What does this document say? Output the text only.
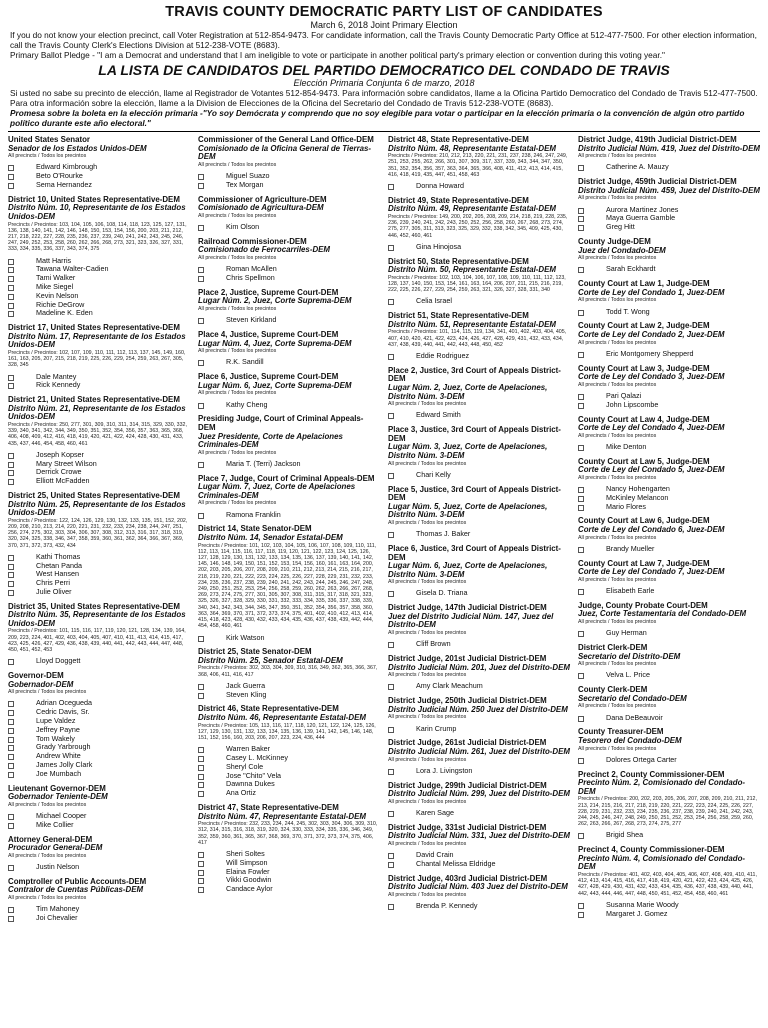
TRAVIS COUNTY DEMOCRATIC PARTY LIST OF CANDIDATES
March 6, 2018 Joint Primary Election
If you do not know your election precinct, call Voter Registration at 512-854-9473. For candidate information, call the Travis County Democratic Party Office at 512-477-7500. For other election information, call the Travis County Clerk's Elections Division at 512-238-VOTE (8683).
Primary Ballot Pledge - "I am a Democrat and understand that I am ineligible to vote or participate in another political party's primary election or convention during this voting year."
LA LISTA DE CANDIDATOS DEL PARTIDO DEMOCRATICO DEL CONDADO DE TRAVIS
Elección Primaria Conjunta 6 de marzo, 2018
Si usted no sabe su precinto de elección, llame al Registrador de Votantes 512-854-9473. Para información sobre candidatos, llame a la Oficina Partido Democratico del Condado de Travis 512-477-7500. Para otra información sobre la elección, llame a la Division de Elecciones de la Oficina del Secretario del Condado de Travis 512-238-VOTE (8683).
Promesa sobre la boleta en la elección primaria -"Yo soy Demócrata y comprendo que no soy elegible para votar o participar en la elección primaria o la convención de algún otro partido político durante este año electoral."
United States Senator
Senador de los Estados Unidos-DEM
All precincts / Todos los precintos
Edward Kimbrough
Beto O'Rourke
Sema Hernandez
District 10, United States Representative-DEM
Distrito Núm. 10, Representante de los Estados Unidos-DEM
Precincts / Precintos: 103, 104, 105, 106, 108, 114, 118, 123, 125, 127, 131, 136, 138, 140, 141, 142, 146, 148, 150, 153, 154, 156, 200, 203, 211, 212, 217, 218, 222, 227, 228, 235, 236, 237, 239, 240, 241, 242, 243, 245, 246, 247, 249, 252, 253, 258, 260, 262, 266, 268, 273, 321, 323, 326, 327, 331, 333, 334, 335, 336, 337, 343, 374, 375
Matt Harris
Tawana Walter-Cadien
Tami Walker
Mike Siegel
Kevin Nelson
Richie DeGrow
Madeline K. Eden
District 17, United States Representative-DEM
Distrito Núm. 17, Representante de los Estados Unidos-DEM
Precincts / Precintos: 102, 107, 109, 110, 111, 112, 113, 137, 145, 149, 160, 161, 163, 205, 207, 215, 218, 219, 225, 226, 229, 254, 259, 263, 267, 305, 328, 345
Dale Mantey
Rick Kennedy
District 21, United States Representative-DEM
Distrito Núm. 21, Representante de los Estados Unidos-DEM
Precincts / Precintos: 250, 277, 301, 309, 310, 311, 314, 315, 329, 330, 332, 339, 340, 341, 342, 344, 349, 350, 351, 352, 354, 356, 357, 363, 365, 368, 406, 408, 409, 412, 416, 418, 419, 420, 421, 422, 424, 428, 430, 431, 433, 435, 437, 446, 454, 458, 460, 461
Joseph Kopser
Mary Street Wilson
Derrick Crowe
Elliott McFadden
District 25, United States Representative-DEM
Distrito Núm. 25, Representante de los Estados Unidos-DEM
Precincts / Precintos: 122, 124, 126, 129, 130, 132, 133, 135, 151, 152, 202, 209, 208, 210, 213, 214, 220, 221, 231, 232, 233, 234, 238, 244, 247, 251, 256, 274, 275, 302, 303, 304, 306, 307, 308, 312, 313, 316, 317, 318, 319, 320, 324, 325, 338, 346, 347, 358, 359, 360, 361, 362, 364, 366, 367, 369, 370, 371, 372, 373, 432, 434
Kathi Thomas
Chetan Panda
West Hansen
Chris Perri
Julie Oliver
District 35, United States Representative-DEM
Distrito Núm. 35, Representante de los Estados Unidos-DEM
Precincts / Precintos: 101, 115, 116, 117, 119, 120, 121, 128, 134, 139, 164, 209, 223, 224, 401, 402, 403, 404, 405, 407, 410, 411, 413, 414, 415, 417, 423, 425, 426, 427, 429, 436, 438, 439, 440, 441, 442, 443, 444, 447, 448, 450, 451, 452, 453
Lloyd Doggett
Governor-DEM
Gobernador-DEM
All precincts / Todos los precintos
Adrian Ocegueda
Cedric Davis, Sr.
Lupe Valdez
Jeffrey Payne
Tom Wakely
Grady Yarbrough
Andrew White
James Jolly Clark
Joe Mumbach
Lieutenant Governor-DEM
Gobernador Teniente-DEM
All precincts / Todos los precintos
Michael Cooper
Mike Collier
Attorney General-DEM
Procurador General-DEM
All precincts / Todos los precintos
Justin Nelson
Comptroller of Public Accounts-DEM
Contralor de Cuentas Públicas-DEM
All precincts / Todos los precintos
Tim Mahoney
Joi Chevalier
Commissioner of the General Land Office-DEM
Comisionado de la Oficina General de Tierras-DEM
All precincts / Todos los precintos
Miguel Suazo
Tex Morgan
Commissioner of Agriculture-DEM
Comisionado de Agricultura-DEM
All precincts / Todos los precintos
Kim Olson
Railroad Commissioner-DEM
Comisionado de Ferrocarriles-DEM
All precincts / Todos los precintos
Roman McAllen
Chris Spellmon
Place 2, Justice, Supreme Court-DEM
Lugar Núm. 2, Juez, Corte Suprema-DEM
All precincts / Todos los precintos
Steven Kirkland
Place 4, Justice, Supreme Court-DEM
Lugar Núm. 4, Juez, Corte Suprema-DEM
All precincts / Todos los precintos
R.K. Sandill
Place 6, Justice, Supreme Court-DEM
Lugar Núm. 6, Juez, Corte Suprema-DEM
All precincts / Todos los precintos
Kathy Cheng
Presiding Judge, Court of Criminal Appeals-DEM
Juez Presidente, Corte de Apelaciones Criminales-DEM
All precincts / Todos los precintos
Maria T. (Terri) Jackson
Place 7, Judge, Court of Criminal Appeals-DEM
Lugar Núm. 7, Juez, Corte de Apelaciones Criminales-DEM
All precincts / Todos los precintos
Ramona Franklin
District 14, State Senator-DEM
Distrito Núm. 14, Senador Estatal-DEM
Precincts / Precintos: 101, 102, 103, 104, 105, 106, 107, 108, 109, 110, 111, 112, 113, 114, 115, 116, 117, 118, 119, 120, 121, 122, 123, 124, 125, 126, 127, 128, 129, 130, 131, 132, 133, 134, 135, 136, 137, 139, 140, 141, 142, 145, 146, 148, 149, 150, 151, 152, 153, 154, 156, 160, 161, 163, 164, 200, 202, 203, 205, 206, 207, 208, 209, 210, 211, 212, 213, 214, 215, 216, 217, 218, 219, 220, 221, 222, 223, 224, 225, 226, 227, 228, 229, 231, 232, 233, 234, 235, 236, 237, 238, 239, 240, 241, 242, 243, 244, 245, 246, 247, 248, 249, 250, 251, 252, 253, 254, 256, 258, 259, 260, 262, 263, 266, 267, 268, 269, 273, 274, 275, 277, 301, 305, 307, 308, 311, 315, 317, 318, 321, 323, 325, 326, 327, 328, 329, 330, 331, 332, 333, 334, 335, 336, 337, 338, 339, 340, 341, 342, 343, 344, 345, 347, 350, 351, 352, 354, 356, 357, 358, 360, 363, 364, 369, 370, 371, 372, 373, 374, 375, 401, 402, 410, 412, 413, 414, 415, 418, 423, 428, 430, 432, 433, 434, 435, 436, 437, 438, 439, 442, 444, 454, 458, 460, 461
Kirk Watson
District 25, State Senator-DEM
Distrito Núm. 25, Senador Estatal-DEM
Precincts / Precintos: 302, 303, 304, 309, 310, 316, 349, 362, 365, 366, 367, 368, 406, 411, 416, 417
Jack Guerra
Steven Kling
District 46, State Representative-DEM
Distrito Núm. 46, Representante Estatal-DEM
Precincts / Precintos: 105, 113, 116, 117, 118, 120, 121, 122, 124, 125, 126, 127, 129, 130, 131, 132, 133, 134, 135, 136, 139, 141, 142, 145, 146, 148, 151, 152, 156, 160, 203, 206, 207, 223, 224, 436, 444
Warren Baker
Casey L. McKinney
Sheryl Cole
Jose "Chito" Vela
Dawnna Dukes
Ana Ortiz
District 47, State Representative-DEM
Distrito Núm. 47, Representante Estatal-DEM
Precincts / Precintos: 232, 233, 234, 244, 245, 302, 303, 304, 306, 309, 310, 312, 314, 315, 316, 318, 319, 320, 324, 330, 333, 334, 335, 336, 346, 349, 352, 359, 360, 361, 365, 367, 368, 369, 370, 371, 372, 373, 374, 375, 406, 417
Sheri Soltes
Will Simpson
Elaina Fowler
Vikki Goodwin
Candace Aylor
District 48, State Representative-DEM
Distrito Núm. 48, Representante Estatal-DEM
Precincts / Precintos: 210, 212, 213, 220, 221, 231, 237, 238, 246, 247, 249, 251, 253, 255, 262, 266, 301, 307, 309, 317, 337, 339, 343, 344, 347, 350, 351, 352, 354, 356, 357, 363, 364, 365, 366, 408, 411, 412, 413, 414, 415, 416, 418, 419, 435, 447, 451, 458, 463
Donna Howard
District 49, State Representative-DEM
Distrito Núm. 49, Representante Estatal-DEM
Precincts / Precintos: 149, 200, 202, 205, 208, 209, 214, 218, 219, 228, 235, 236, 239, 240, 241, 242, 243, 250, 252, 256, 258, 260, 267, 268, 273, 274, 275, 277, 305, 311, 313, 323, 325, 329, 332, 338, 342, 345, 409, 425, 430, 446, 452, 460, 461
Gina Hinojosa
District 50, State Representative-DEM
Distrito Núm. 50, Representante Estatal-DEM
Precincts / Precintos: 102, 103, 104, 106, 107, 108, 109, 110, 111, 112, 123, 128, 137, 140, 150, 153, 154, 161, 163, 164, 206, 207, 211, 215, 216, 219, 222, 225, 226, 227, 229, 254, 259, 263, 321, 326, 327, 328, 331, 340
Celia Israel
District 51, State Representative-DEM
Distrito Núm. 51, Representante Estatal-DEM
Precincts / Precintos: 101, 114, 115, 119, 134, 341, 401, 402, 403, 404, 405, 407, 410, 420, 421, 422, 423, 424, 426, 427, 428, 429, 431, 432, 433, 434, 437, 438, 439, 440, 441, 442, 443, 448, 450, 452
Eddie Rodriguez
Place 2, Justice, 3rd Court of Appeals District-DEM
Lugar Núm. 2, Juez, Corte de Apelaciones, Distrito Núm. 3-DEM
All precincts / Todos los precintos
Edward Smith
Place 3, Justice, 3rd Court of Appeals District-DEM
Lugar Núm. 3, Juez, Corte de Apelaciones, Distrito Núm. 3-DEM
All precincts / Todos los precintos
Chari Kelly
Place 5, Justice, 3rd Court of Appeals District-DEM
Lugar Núm. 5, Juez, Corte de Apelaciones, Distrito Núm. 3-DEM
All precincts / Todos los precintos
Thomas J. Baker
Place 6, Justice, 3rd Court of Appeals District-DEM
Lugar Núm. 6, Juez, Corte de Apelaciones, Distrito Núm. 3-DEM
All precincts / Todos los precintos
Gisela D. Triana
District Judge, 147th Judicial District-DEM
Juez del Distrito Judicial Núm. 147, Juez del Distrito-DEM
All precincts / Todos los precintos
Cliff Brown
District Judge, 201st Judicial District-DEM
Distrito Judicial Núm. 201, Juez del Distrito-DEM
All precincts / Todos los precintos
Amy Clark Meachum
District Judge, 250th Judicial District-DEM
Distrito Judicial Núm. 250 Juez del Distrito-DEM
All precincts / Todos los precintos
Karin Crump
District Judge, 261st Judicial District-DEM
Distrito Judicial Núm. 261, Juez del Distrito-DEM
All precincts / Todos los precintos
Lora J. Livingston
District Judge, 299th Judicial District-DEM
Distrito Judicial Núm. 299, Juez del Distrito-DEM
All precincts / Todos los precintos
Karen Sage
District Judge, 331st Judicial District-DEM
Distrito Judicial Núm. 331, Juez del Distrito-DEM
All precincts / Todos los precintos
David Crain
Chantal Melissa Eldridge
District Judge, 403rd Judicial District-DEM
Distrito Judicial Núm. 403 Juez del Distrito-DEM
All precincts / Todos los precintos
Brenda P. Kennedy
District Judge, 419th Judicial District-DEM
Distrito Judicial Núm. 419, Juez del Distrito-DEM
All precincts / Todos los precintos
Catherine A. Mauzy
District Judge, 459th Judicial District-DEM
Distrito Judicial Núm. 459, Juez del Distrito-DEM
All precincts / Todos los precintos
Aurora Martinez Jones
Maya Guerra Gamble
Greg Hitt
County Judge-DEM
Juez del Condado-DEM
All precincts / Todos los precintos
Sarah Eckhardt
County Court at Law 1, Judge-DEM
Corte de Ley del Condado 1, Juez-DEM
All precincts / Todos los precintos
Todd T. Wong
County Court at Law 2, Judge-DEM
Corte de Ley del Condado 2, Juez-DEM
All precincts / Todos los precintos
Eric Montgomery Shepperd
County Court at Law 3, Judge-DEM
Corte de Ley del Condado 3, Juez-DEM
All precincts / Todos los precintos
Pari Qalazi
John Lipscombe
County Court at Law 4, Judge-DEM
Corte de Ley del Condado 4, Juez-DEM
All precincts / Todos los precintos
Mike Denton
County Court at Law 5, Judge-DEM
Corte de Ley del Condado 5, Juez-DEM
All precincts / Todos los precintos
Nancy Hohengarten
McKinley Melancon
Mario Flores
County Court at Law 6, Judge-DEM
Corte de Ley del Condado 6, Juez-DEM
All precincts / Todos los precintos
Brandy Mueller
County Court at Law 7, Judge-DEM
Corte de Ley del Condado 7, Juez-DEM
All precincts / Todos los precintos
Elisabeth Earle
Judge, County Probate Court-DEM
Juez, Corte Testamentaria del Condado-DEM
All precincts / Todos los precintos
Guy Herman
District Clerk-DEM
Secretario del Distrito-DEM
All precincts / Todos los precintos
Velva L. Price
County Clerk-DEM
Secretario del Condado-DEM
All precincts / Todos los precintos
Dana DeBeauvoir
County Treasurer-DEM
Tesorero del Condado-DEM
All precincts / Todos los precintos
Dolores Ortega Carter
Precinct 2, County Commissioner-DEM
Precinto Núm. 2, Comisionado del Condado-DEM
Precincts / Precintos: 200, 202, 203, 205, 206, 207, 208, 209, 210, 211, 212, 213, 214, 215, 216, 217, 218, 219, 220, 221, 222, 223, 224, 225, 226, 227, 228, 229, 231, 232, 233, 234, 235, 236, 237, 238, 239, 240, 241, 242, 243, 244, 245, 246, 247, 248, 249, 250, 251, 252, 253, 254, 256, 258, 259, 260, 262, 263, 266, 267, 268, 273, 274, 275, 277
Brigid Shea
Precinct 4, County Commissioner-DEM
Precinto Núm. 4, Comisionado del Condado-DEM
Precincts / Precintos: 401, 402, 403, 404, 405, 406, 407, 408, 409, 410, 411, 412, 413, 414, 415, 416, 417, 418, 419, 420, 421, 422, 423, 424, 425, 426, 427, 428, 429, 430, 431, 432, 433, 434, 435, 436, 437, 438, 439, 440, 441, 442, 443, 444, 446, 447, 448, 450, 451, 452, 454, 458, 460, 461
Susanna Marie Woody
Margaret J. Gomez
